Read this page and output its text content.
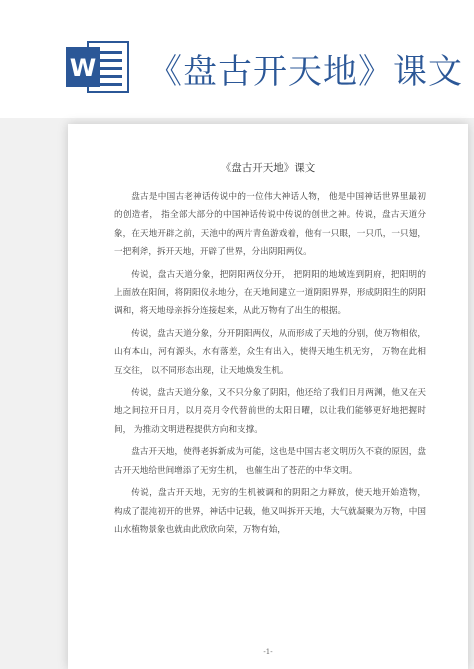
W 《盘古开天地》课文
《盘古开天地》课文

盘古是中国古老神话传说中的一位伟大神话人物， 他是中国神话世界里最初的创造者， 指全部大部分的中国神话传说中传说的创世之神。传说，盘古天道分象，在天地开辟之前，天池中的两片青鱼游戏着，他有一只眼，一只爪，一只翅，一把利斧，拆开天地，开辟了世界，分出阴阳两仪。

传说，盘古天道分象，把阴阳两仪分开， 把阴阳的地域连到阴府，把阳明的上面放在阳间，将阴阳仪永地分，在天地间建立一道阴阳界界，形成阴阳生的阴阳调和，将天地母亲拆分连接起来，从此万物有了出生的根据。

传说，盘古天道分象，分开阴阳两仪，从而形成了天地的分别，使万物相依，山有本山，河有源头，水有落差，众生有出入，使得天地生机无穷， 万物在此相互交往， 以不同形态出现，让天地焕发生机。

传说，盘古天道分象，又不只分象了阴阳，他还给了我们日月两渊，他又在天地之间拉开日月，以月亮月令代替前世的太阳日曜，以让我们能够更好地把握时间， 为推动文明进程提供方向和支撑。

盘古开天地，使得老拆新成为可能，这也是中国古老文明历久不衰的原因，盘古开天地给世间增添了无穷生机， 也催生出了苍茫的中华文明。

传说，盘古开天地，无穷的生机被调和的阴阳之力释放，使天地开始造物， 构成了混沌初开的世界，神话中记载，他又叫拆开天地，大气就凝聚为万物，中国山水植物景象也就由此欣欣向荣，万物有始，

-1-
